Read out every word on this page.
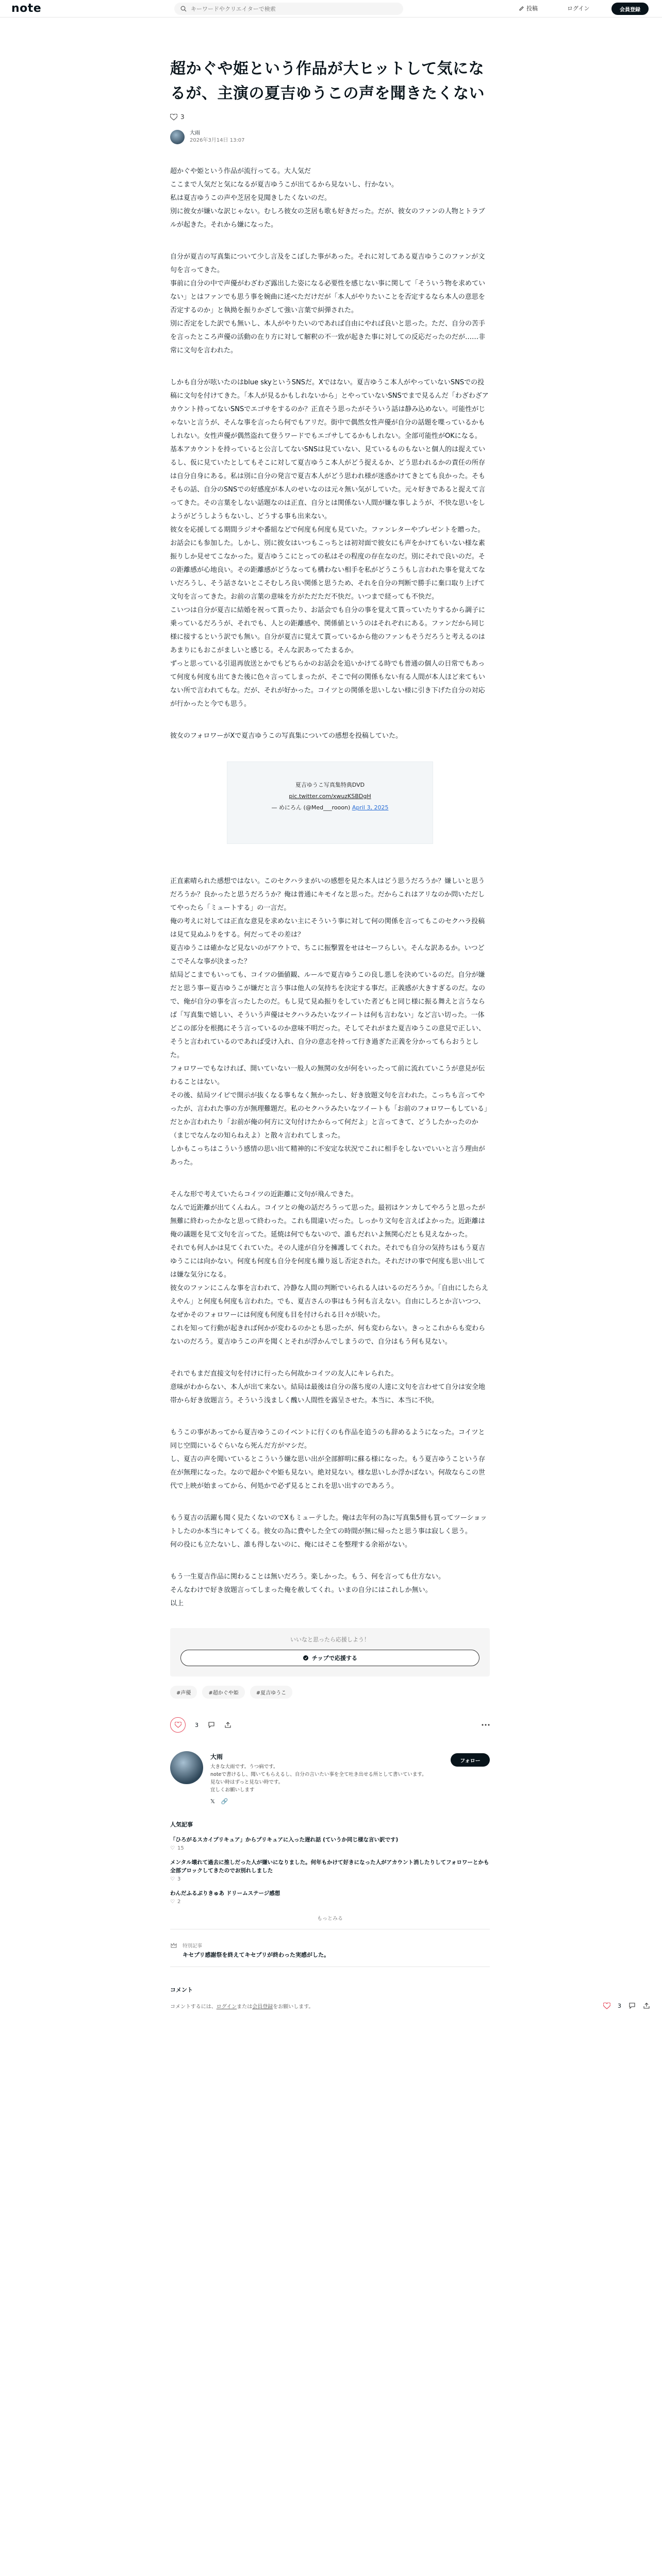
note
キーワードやクリエイターで検索	投稿	ログイン	会員登録
超かぐや姫という作品が大ヒットして気になるが、主演の夏吉ゆうこの声を聞きたくない
3
大雨
2026年3月14日 13:07

超かぐや姫という作品が流行ってる。大人気だ

ここまで人気だと気になるが夏吉ゆうこが出てるから見ないし、行かない。

私は夏吉ゆうこの声や芝居を見聞きしたくないのだ。

別に彼女が嫌いな訳じゃない。むしろ彼女の芝居も歌も好きだった。だが、彼女のファンの人物とトラブルが起きた。それから嫌になった。

自分が夏吉の写真集について少し言及をこぼした事があった。それに対してある夏吉ゆうこのファンが文句を言ってきた。

事前に自分の中で声優がわざわざ露出した姿になる必要性を感じない事に関して「そういう物を求めていない」とはファンでも思う事を婉曲に述べただけだが「本人がやりたいことを否定するなら本人の意思を否定するのか」と執拗を振りかざして強い言葉で糾弾された。

別に否定をした訳でも無いし、本人がやりたいのであれば自由にやれば良いと思った。ただ、自分の苦手を言ったところ声優の活動の在り方に対して解釈の不一致が起きた事に対しての反応だったのだが……非常に文句を言われた。

しかも自分が呟いたのはblue skyというSNSだ。Xではない。夏吉ゆうこ本人がやっていないSNSでの投稿に文句を付けてきた。「本人が見るかもしれないから」とやっていないSNSでまで見るんだ「わざわざアカウント持ってないSNSでエゴサをするのか？正直そう思ったがそういう話は静み込めない。可能性がじゃないと言うが、そんな事を言ったら何でもアリだ。街中で偶然女性声優が自分の話題を喋っているかもしれない。女性声優が偶然盗れて登うワードでもエゴサしてるかもしれない。全部可能性がOKになる。

基本アカウントを持っていると公言してないSNSは見ていない、見ているものもないと個人的は捉えているし、仮に見ていたとしてもそこに対して夏吉ゆうこ本人がどう捉えるか、どう思われるかの責任の所存は自分自身にある。私は別に自分の発言で夏吉本人がどう思われ様が迷惑かけてきとても良かった。そもそもの話、自分のSNSでの好感度が本人のせいなのは元々無い気がしていた。元々好きであると捉えて言ってきた。その言葉をしない話題なのは正直、自分とは関係ない人間が嫌な事しようが、不快な思いをしようがどうしようもないし、どうする事も出来ない。

彼女を応援してる期間ラジオや番組などで何度も何度も見ていた。ファンレターやプレゼントを贈った。お話会にも参加した。しかし、別に彼女はいつもこっちとは初対面で彼女にも声をかけてもいない様な素振りしか見せてこなかった。夏吉ゆうこにとっての私はその程度の存在なのだ。別にそれで良いのだ。その距離感が心地良い。その距離感がどうなっても構わない相手を私がどうこうもし言われた事を覚えてないだろうし、そう話さないとこそむしろ良い関係と思うため、それを自分の判断で勝手に棄口取り上げて文句を言ってきた。お前の言葉の意味を方がただただ不快だ。いつまで経っても不快だ。

こいつは自分が夏吉に結婚を祝って貰ったり、お話会でも自分の事を覚えて貰っていたりするから調子に乗っているだろうが、それでも、人との距離感や、関係値というのはそれぞれにある。ファンだから同じ様に接するという訳でも無い。自分が夏吉に覚えて貰っているから他のファンもそうだろうと考えるのはあまりにもおこがましいと感じる。そんな訳あってたまるか。

ずっと思っている引退再放送とかでもどちらかのお話会を追いかけてる時でも普通の個人の日常でもあって何度も何度も出てきた後に色々言ってしまったが、そこで何の関係もない有る人間が本人ほど来てもいない所で言われてもな。だが、それが好かった。コイツとの関係を思いしない様に引き下げた自分の対応が行かったと今でも思う。

彼女のフォロワーがXで夏吉ゆうこの写真集についての感想を投稿していた。

夏吉ゆうこ写真集特典DVD
pic.twitter.com/xwuzKSBDgH
— めにろん (@Med___rooon) April 3, 2025

正直素晴られた感想ではない。このセクハラまがいの感想を見た本人はどう思うだろうか？嫌しいと思うだろうか？良かったと思うだろうか？俺は普通にキモイなと思った。だからこれはアリなのか問いただしてやったら「ミュートする」の一言だ。

俺の考えに対しては正直な意見を求めない主にそういう事に対して何の関係を言ってもこのセクハラ投稿は見て見ぬふりをする。何だってその差は？

夏吉ゆうこは確かなど見ないのがアウトで、ちこに振撃置をせはセーフらしい。そんな訳あるか。いつどこでそんな事が決まった？

結局どこまでもいっても、コイツの価値観、ルールで夏吉ゆうこの良し悪しを決めているのだ。自分が嫌だと思う事ー夏吉ゆうこが嫌だと言う事は他人の気持ちを決定する事だ。正義感が大きすぎるのだ。なので、俺が自分の事を言ったしたのだ。もし見て見ぬ振りをしていた者どもと同じ様に振る舞えと言うならば「写真集で嬉しい、そういう声優はセクハラみたいなツイートは何も言わない」など言い切った。一体どこの部分を根拠にそう言っているのか意味不明だった。そしてそれがまた夏吉ゆうこの意見で正しい、そうと言われているのであれば受け入れ、自分の意志を持って行き過ぎた正義を分かってもらおうとした。

フォロワーでもなければ、開いていない一般人の無関の女が何をいったって前に流れていこうが意見が伝わることはない。

その後、結局ツイピで開示が抜くなる事もなく無かったし、好き放題文句を言われた。こっちも言ってやったが、言われた事の方が無理難題だ。私のセクハラみたいなツイートも「お前のフォロワーもしている」だとか言われたり「お前が俺の何方に文句付けたからって何だよ」と言ってきて、どうしたかったのか（まじでなんなの知らねえよ）と散々言われてしまった。

しかもこっちはこういう感情の思い出て精神的に不安定な状況でこれに相手をしないでいいと言う理由があった。

そんな形で考えていたらコイツの近距離に文句が飛んできた。

なんで近距離が出てくんねん。コイツとの俺の話だろうって思った。最初はケンカしてやろうと思ったが無難に終わったかなと思って終わった。これも間違いだった。しっかり文句を言えばよかった。近距離は俺の議題を見て文句を言ってた。延焼は何でもないので、誰もだれいよ無関心だとも見えなかった。

それでも何人かは見てくれていた。その人達が自分を擁護してくれた。それでも自分の気持ちはもう夏吉ゆうこには向かない。何度も何度も自分を何度も繰り返し否定された。それだけの事で何度も思い出しては嫌な気分になる。

彼女のファンにこんな事を言われて、冷静な人間の判断でいられる人はいるのだろうか。「自由にしたらええやん」と何度も何度も言われた。でも、夏吉さんの事はもう何も言えない。自由にしろとか言いつつ、なぜかそのフォロワーには何度も何度も目を付けられる日々が続いた。

これを知って行動が起きれば何かが変わるのかとも思ったが、何も変わらない。きっとこれからも変わらないのだろう。夏吉ゆうこの声を聞くとそれが浮かんでしまうので、自分はもう何も見ない。

それでもまだ直接文句を付けに行ったら何故かコイツの友人にキレられた。

意味がわからない、本人が出て来ない。結局は最後は自分の落ち度の人達に文句を言わせて自分は安全地帯から好き放題言う。そういう浅ましく醜い人間性を露呈させた。本当に、本当に不快。

もうこの事があってから夏吉ゆうこのイベントに行くのも作品を追うのも辞めるようになった。コイツと同じ空間にいるぐらいなら死んだ方がマシだ。

し、夏吉の声を聞いているとこういう嫌な思い出が全部鮮明に蘇る様になった。もう夏吉ゆうこという存在が無理になった。なので超かぐや姫も見ない。絶対見ない。様な思いしか浮かばない。何故ならこの世代で上映が始まってから、何処かで必ず見るとこれを思い出すのであろう。

もう夏吉の活躍も聞く見たくないのでXもミューテした。俺は去年何の為に写真集5冊も買ってツーショットしたのか本当にキレてくる。彼女の為に費やした全ての時間が無に帰ったと思う事は寂しく思う。

何の役にも立たないし、誰も得しないのに、俺にはそこを整理する余裕がない。

もう一生夏吉作品に関わることは無いだろう。楽しかった。もう、何を言っても仕方ない。

そんなわけで好き放題言ってしまった俺を赦してくれ。いまの自分にはこれしか無い。

以上

いいなと思ったら応援しよう！
チップで応援する
#声優	#超かぐや姫	#夏吉ゆうこ
3
大雨
大きな大雨です。うつ病です。
noteで書けるし、聞いてもらえるし、自分の言いたい事を全て吐き出せる所として書いています。
見ない時はずっと見ない時です。
宜しくお願いします
𝕏 🔗
フォロー
人気記事
「ひろがるスカイプリキュア」からプリキュアに入った遅れ話 (ていうか同じ様な言い訳です)
♡ 15
メンタル壊れて過去に推しだった人が嫌いになりました。何年もかけて好きになった人がアカウント消したりしてフォロワーとかも全部ブロックしてきたのでお別れしました
♡ 3
わんだふるぷりきゅあ ドリームステージ感想
♡ 2
もっとみる
特別記事
キセプリ感謝祭を終えてキセプリが終わった実感がした。
コメント
コメントするには、ログインまたは会員登録をお願いします。	3
